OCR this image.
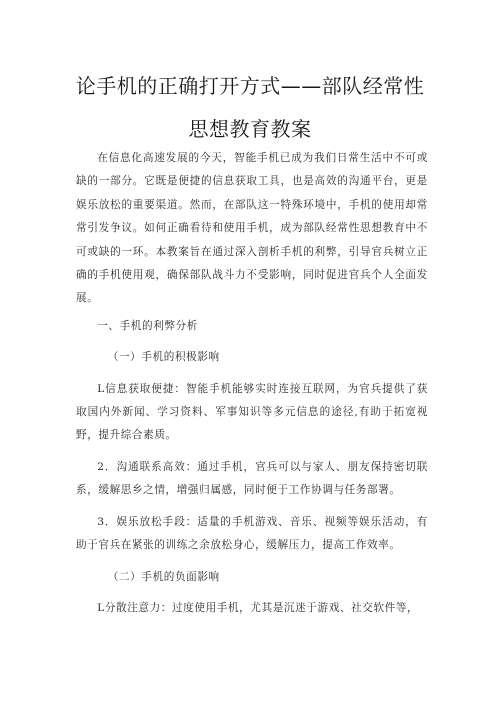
论手机的正确打开方式——部队经常性
思想教育教案

在信息化高速发展的今天，智能手机已成为我们日常生活中不可或缺的一部分。它既是便捷的信息获取工具，也是高效的沟通平台，更是娱乐放松的重要渠道。然而，在部队这一特殊环境中，手机的使用却常常引发争议。如何正确看待和使用手机，成为部队经常性思想教育中不可或缺的一环。本教案旨在通过深入剖析手机的利弊，引导官兵树立正确的手机使用观，确保部队战斗力不受影响，同时促进官兵个人全面发展。

一、手机的利弊分析

（一）手机的积极影响

L信息获取便捷：智能手机能够实时连接互联网，为官兵提供了获取国内外新闻、学习资料、军事知识等多元信息的途径,有助于拓宽视野，提升综合素质。

2．沟通联系高效：通过手机，官兵可以与家人、朋友保持密切联系，缓解思乡之情，增强归属感，同时便于工作协调与任务部署。

3．娱乐放松手段：适量的手机游戏、音乐、视频等娱乐活动，有助于官兵在紧张的训练之余放松身心，缓解压力，提高工作效率。

（二）手机的负面影响

L分散注意力：过度使用手机，尤其是沉迷于游戏、社交软件等，
